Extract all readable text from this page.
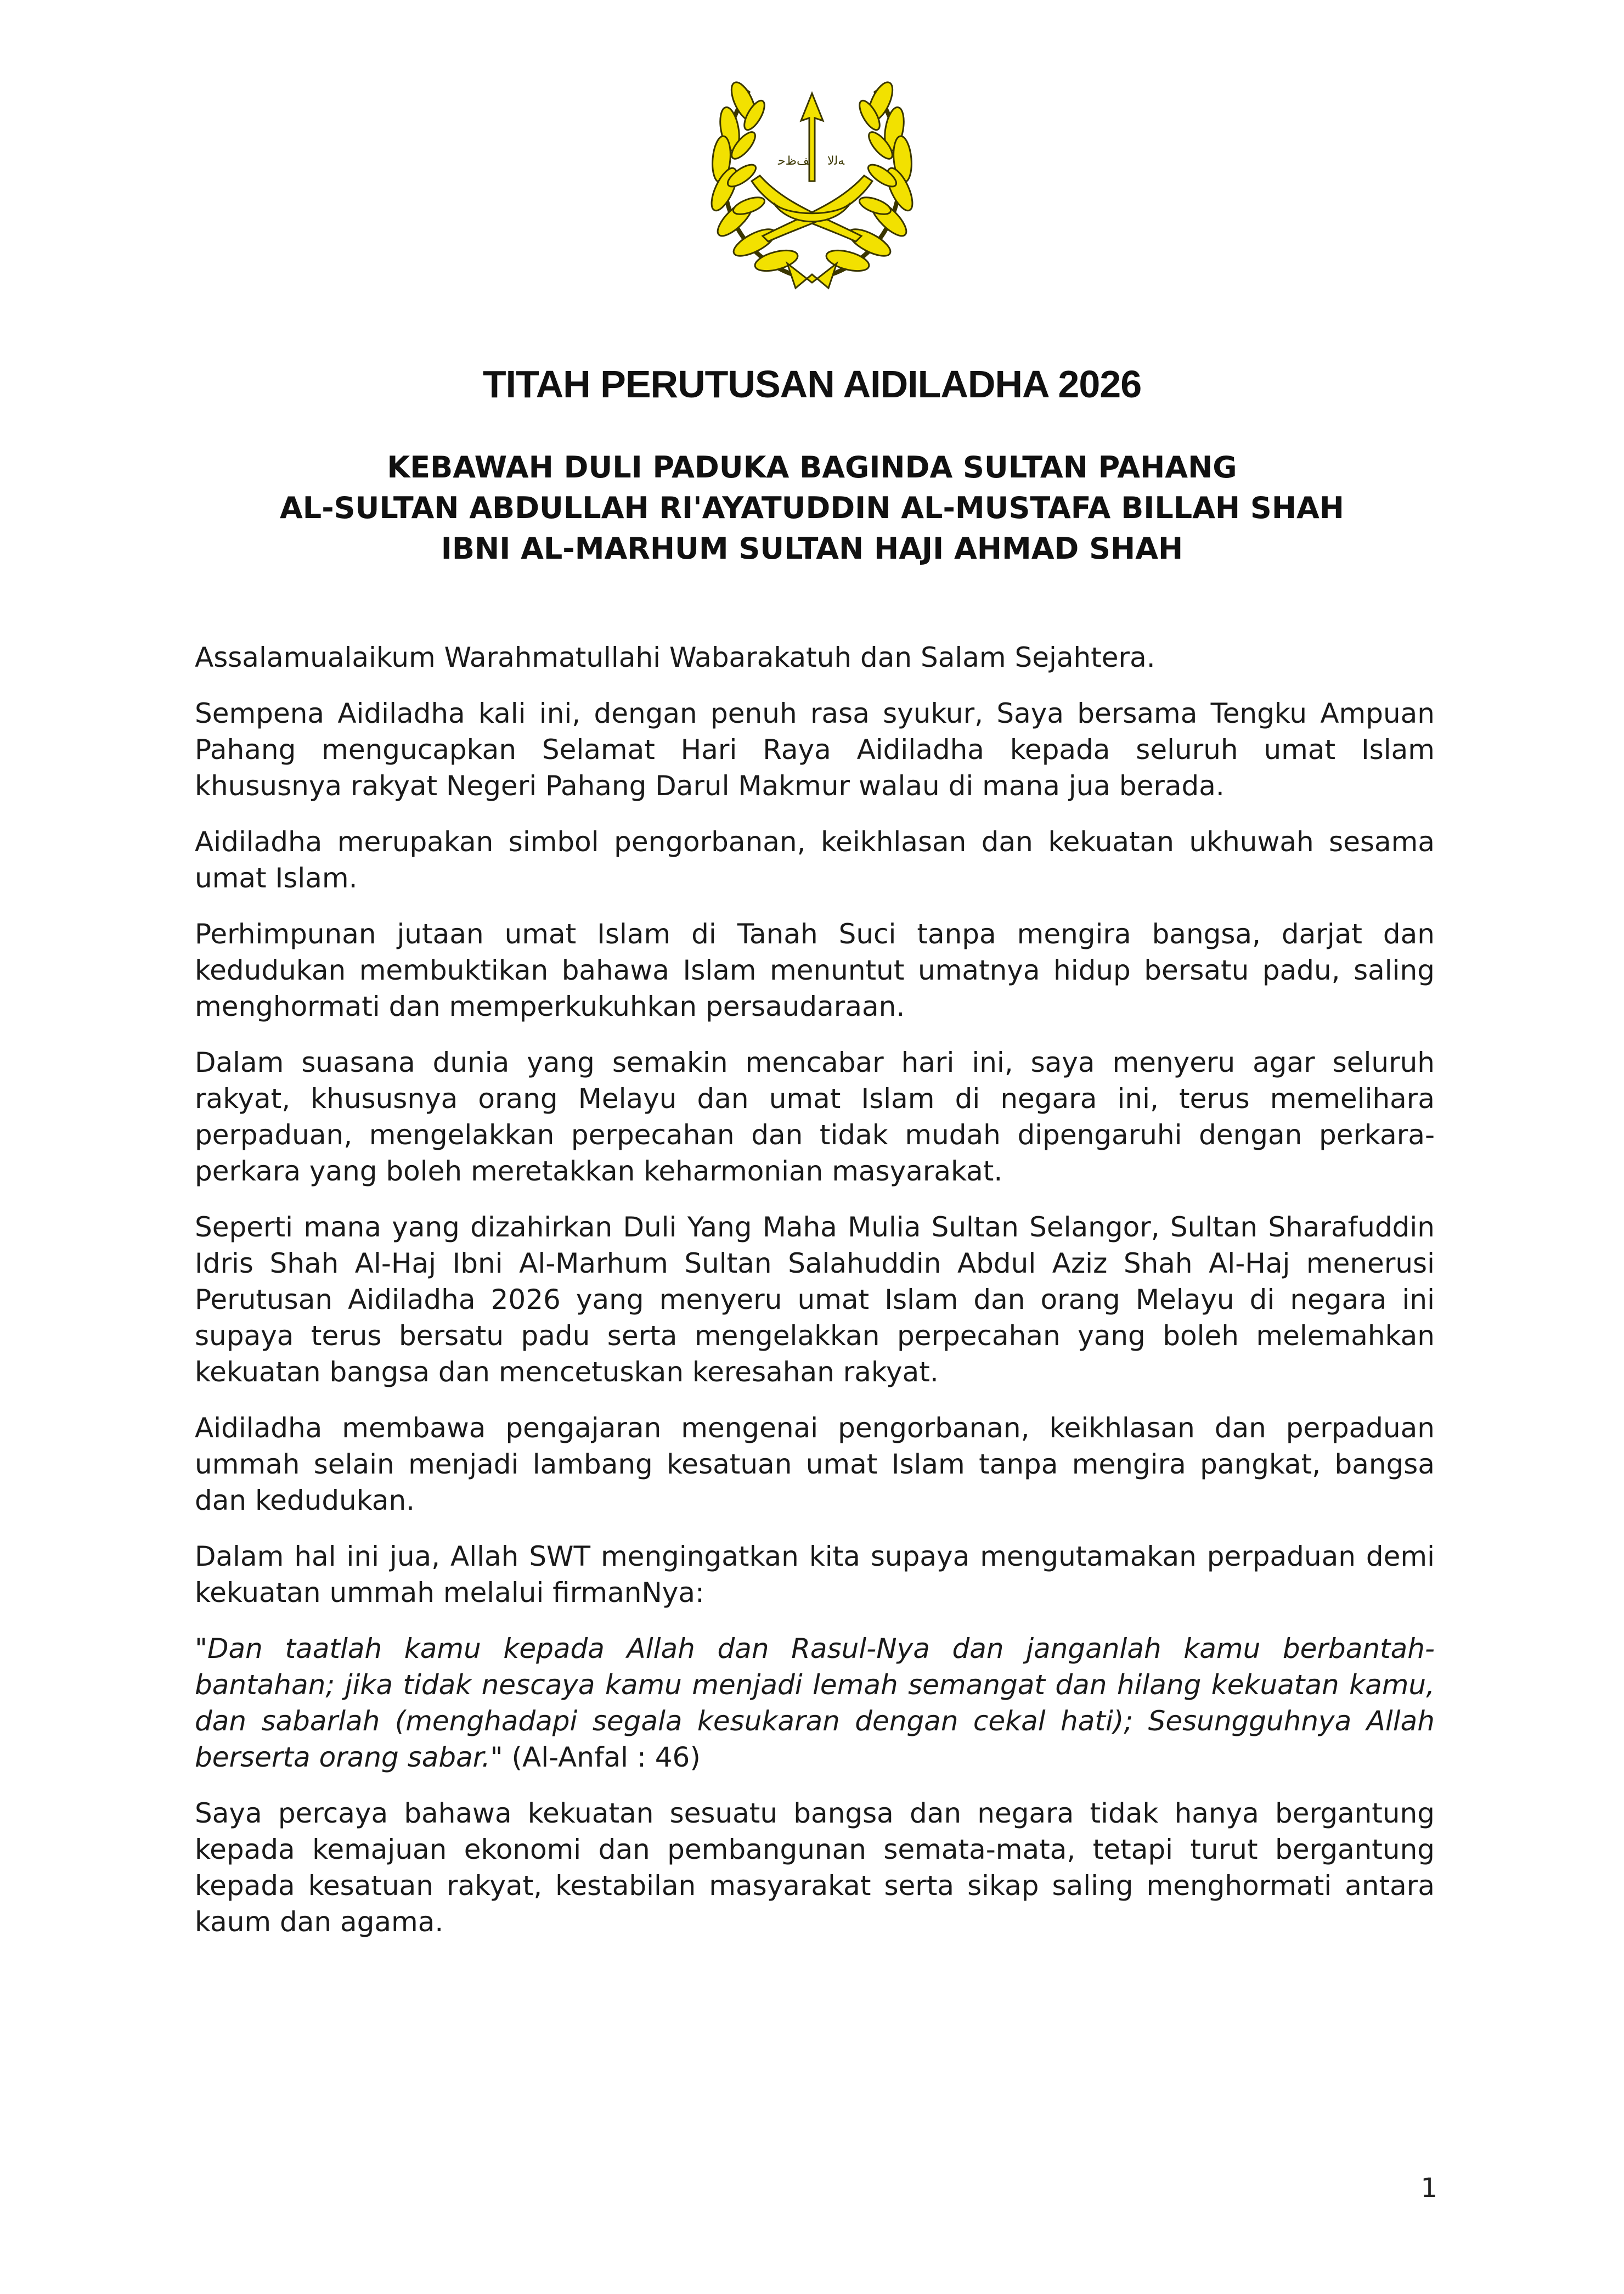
ﻒﻅﺣ ﻪﻟﻻ
TITAH PERUTUSAN AIDILADHA 2026
KEBAWAH DULI PADUKA BAGINDA SULTAN PAHANG
AL-SULTAN ABDULLAH RI'AYATUDDIN AL-MUSTAFA BILLAH SHAH
IBNI AL-MARHUM SULTAN HAJI AHMAD SHAH

Assalamualaikum Warahmatullahi Wabarakatuh dan Salam Sejahtera.

Sempena Aidiladha kali ini, dengan penuh rasa syukur, Saya bersama Tengku Ampuan Pahang mengucapkan Selamat Hari Raya Aidiladha kepada seluruh umat Islam khususnya rakyat Negeri Pahang Darul Makmur walau di mana jua berada.

Aidiladha merupakan simbol pengorbanan, keikhlasan dan kekuatan ukhuwah sesama umat Islam.

Perhimpunan jutaan umat Islam di Tanah Suci tanpa mengira bangsa, darjat dan kedudukan membuktikan bahawa Islam menuntut umatnya hidup bersatu padu, saling menghormati dan memperkukuhkan persaudaraan.

Dalam suasana dunia yang semakin mencabar hari ini, saya menyeru agar seluruh rakyat, khususnya orang Melayu dan umat Islam di negara ini, terus memelihara perpaduan, mengelakkan perpecahan dan tidak mudah dipengaruhi dengan perkara-perkara yang boleh meretakkan keharmonian masyarakat.

Seperti mana yang dizahirkan Duli Yang Maha Mulia Sultan Selangor, Sultan Sharafuddin Idris Shah Al-Haj Ibni Al-Marhum Sultan Salahuddin Abdul Aziz Shah Al-Haj menerusi Perutusan Aidiladha 2026 yang menyeru umat Islam dan orang Melayu di negara ini supaya terus bersatu padu serta mengelakkan perpecahan yang boleh melemahkan kekuatan bangsa dan mencetuskan keresahan rakyat.

Aidiladha membawa pengajaran mengenai pengorbanan, keikhlasan dan perpaduan ummah selain menjadi lambang kesatuan umat Islam tanpa mengira pangkat, bangsa dan kedudukan.

Dalam hal ini jua, Allah SWT mengingatkan kita supaya mengutamakan perpaduan demi kekuatan ummah melalui firmanNya:

"Dan taatlah kamu kepada Allah dan Rasul-Nya dan janganlah kamu berbantah-bantahan; jika tidak nescaya kamu menjadi lemah semangat dan hilang kekuatan kamu, dan sabarlah (menghadapi segala kesukaran dengan cekal hati); Sesungguhnya Allah berserta orang sabar." (Al-Anfal : 46)

Saya percaya bahawa kekuatan sesuatu bangsa dan negara tidak hanya bergantung kepada kemajuan ekonomi dan pembangunan semata-mata, tetapi turut bergantung kepada kesatuan rakyat, kestabilan masyarakat serta sikap saling menghormati antara kaum dan agama.

1
